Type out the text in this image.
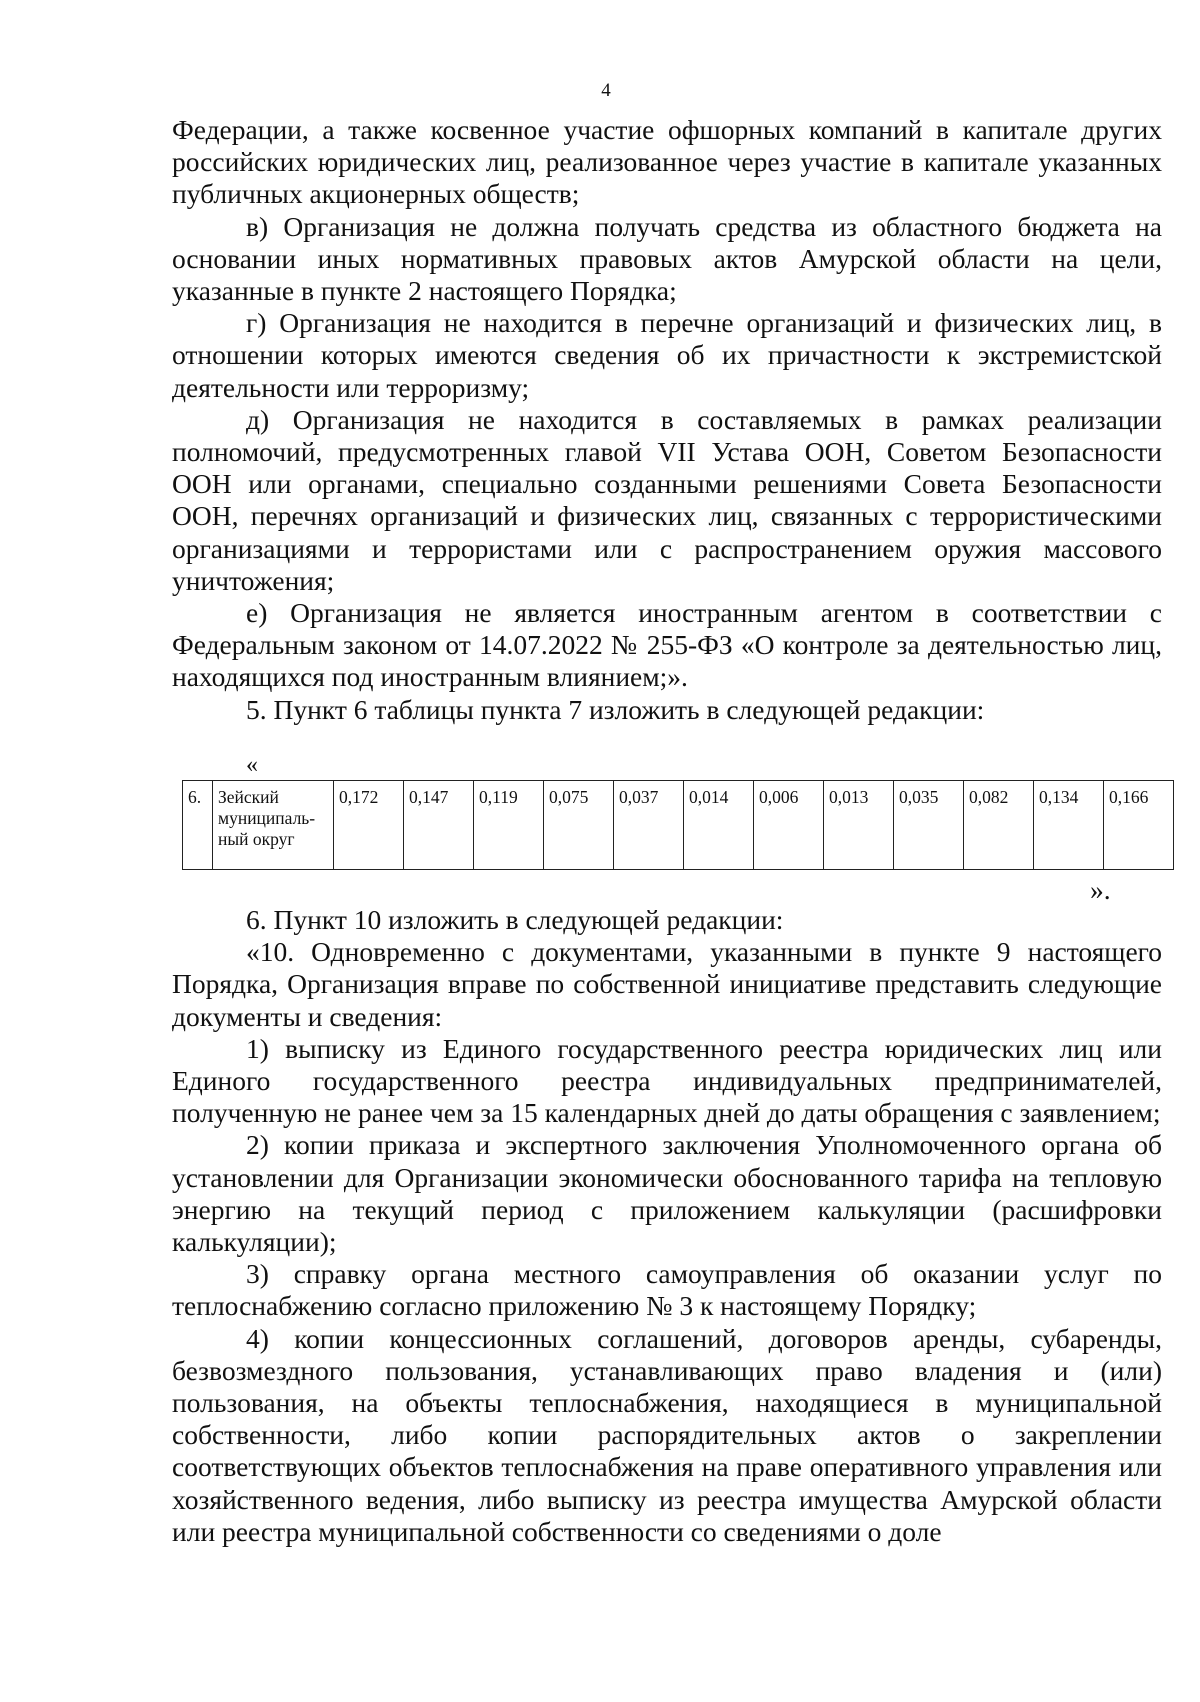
4

Федерации, а также косвенное участие офшорных компаний в капитале других российских юридических лиц, реализованное через участие в капитале указанных публичных акционерных обществ;

в) Организация не должна получать средства из областного бюджета на основании иных нормативных правовых актов Амурской области на цели, указанные в пункте 2 настоящего Порядка;

г) Организация не находится в перечне организаций и физических лиц, в отношении которых имеются сведения об их причастности к экстремистской деятельности или терроризму;

д) Организация не находится в составляемых в рамках реализации полномочий, предусмотренных главой VII Устава ООН, Советом Безопасности ООН или органами, специально созданными решениями Совета Безопасности ООН, перечнях организаций и физических лиц, связанных с террористическими организациями и террористами или с распространением оружия массового уничтожения;

е) Организация не является иностранным агентом в соответствии с Федеральным законом от 14.07.2022 № 255-ФЗ «О контроле за деятельностью лиц, находящихся под иностранным влиянием;».

5. Пункт 6 таблицы пункта 7 изложить в следующей редакции:

«
6.	Зейский
муниципаль-
ный округ
	0,172	0,147	0,119	0,075	0,037	0,014	0,006	0,013	0,035	0,082	0,134	0,166
».

6. Пункт 10 изложить в следующей редакции:

«10. Одновременно с документами, указанными в пункте 9 настоящего Порядка, Организация вправе по собственной инициативе представить следующие документы и сведения:

1) выписку из Единого государственного реестра юридических лиц или Единого государственного реестра индивидуальных предпринимателей, полученную не ранее чем за 15 календарных дней до даты обращения с заявлением;

2) копии приказа и экспертного заключения Уполномоченного органа об установлении для Организации экономически обоснованного тарифа на тепловую энергию на текущий период с приложением калькуляции (расшифровки калькуляции);

3) справку органа местного самоуправления об оказании услуг по теплоснабжению согласно приложению № 3 к настоящему Порядку;

4) копии концессионных соглашений, договоров аренды, субаренды, безвозмездного пользования, устанавливающих право владения и (или) пользования, на объекты теплоснабжения, находящиеся в муниципальной собственности, либо копии распорядительных актов о закреплении соответствующих объектов теплоснабжения на праве оперативного управления или хозяйственного ведения, либо выписку из реестра имущества Амурской области или реестра муниципальной собственности со сведениями о доле
